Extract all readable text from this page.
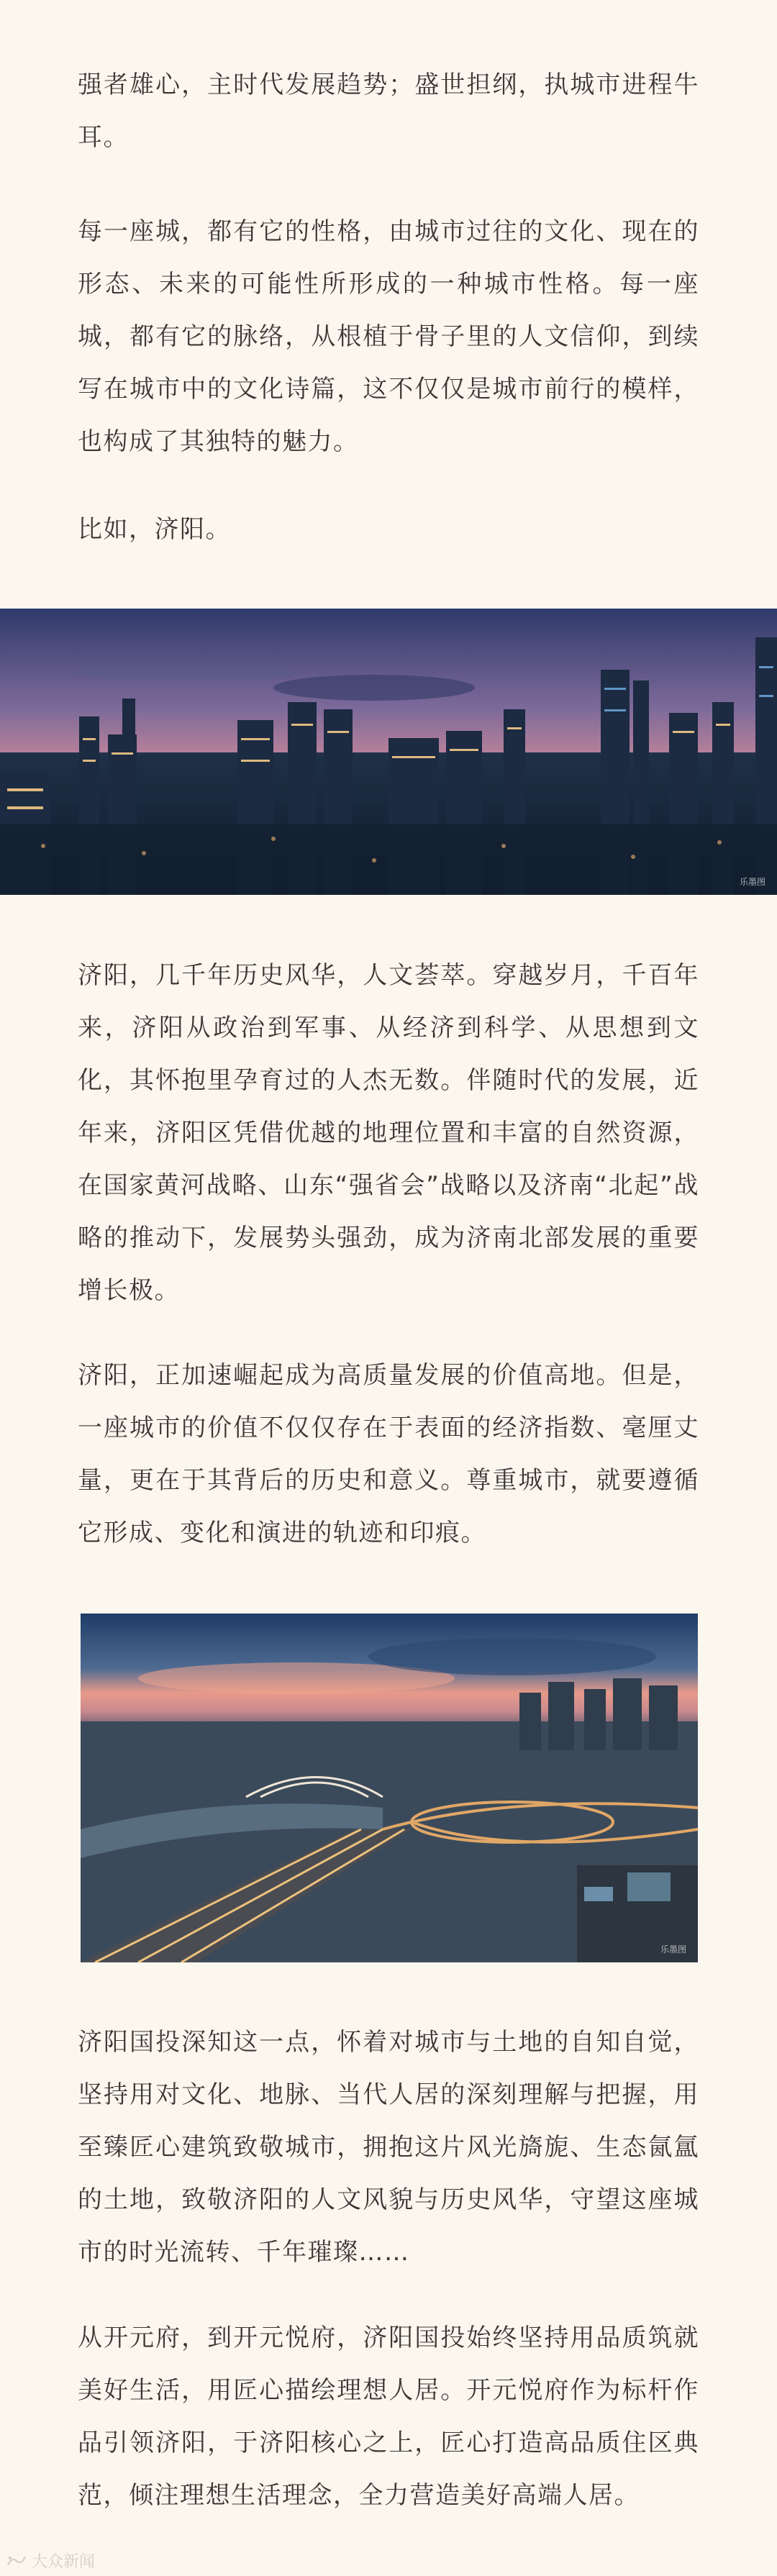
强者雄心，主时代发展趋势；盛世担纲，执城市进程牛耳。

每一座城，都有它的性格，由城市过往的文化、现在的形态、未来的可能性所形成的一种城市性格。每一座城，都有它的脉络，从根植于骨子里的人文信仰，到续写在城市中的文化诗篇，这不仅仅是城市前行的模样，也构成了其独特的魅力。

比如，济阳。

乐墨图

济阳，几千年历史风华，人文荟萃。穿越岁月，千百年来，济阳从政治到军事、从经济到科学、从思想到文化，其怀抱里孕育过的人杰无数。伴随时代的发展，近年来，济阳区凭借优越的地理位置和丰富的自然资源，在国家黄河战略、山东“强省会”战略以及济南“北起”战略的推动下，发展势头强劲，成为济南北部发展的重要增长极。

济阳，正加速崛起成为高质量发展的价值高地。但是，一座城市的价值不仅仅存在于表面的经济指数、毫厘丈量，更在于其背后的历史和意义。尊重城市，就要遵循它形成、变化和演进的轨迹和印痕。

乐墨图

济阳国投深知这一点，怀着对城市与土地的自知自觉，坚持用对文化、地脉、当代人居的深刻理解与把握，用至臻匠心建筑致敬城市，拥抱这片风光旖旎、生态氤氲的土地，致敬济阳的人文风貌与历史风华，守望这座城市的时光流转、千年璀璨……

从开元府，到开元悦府，济阳国投始终坚持用品质筑就美好生活，用匠心描绘理想人居。开元悦府作为标杆作品引领济阳，于济阳核心之上，匠心打造高品质住区典范，倾注理想生活理念，全力营造美好高端人居。

大众新闻
